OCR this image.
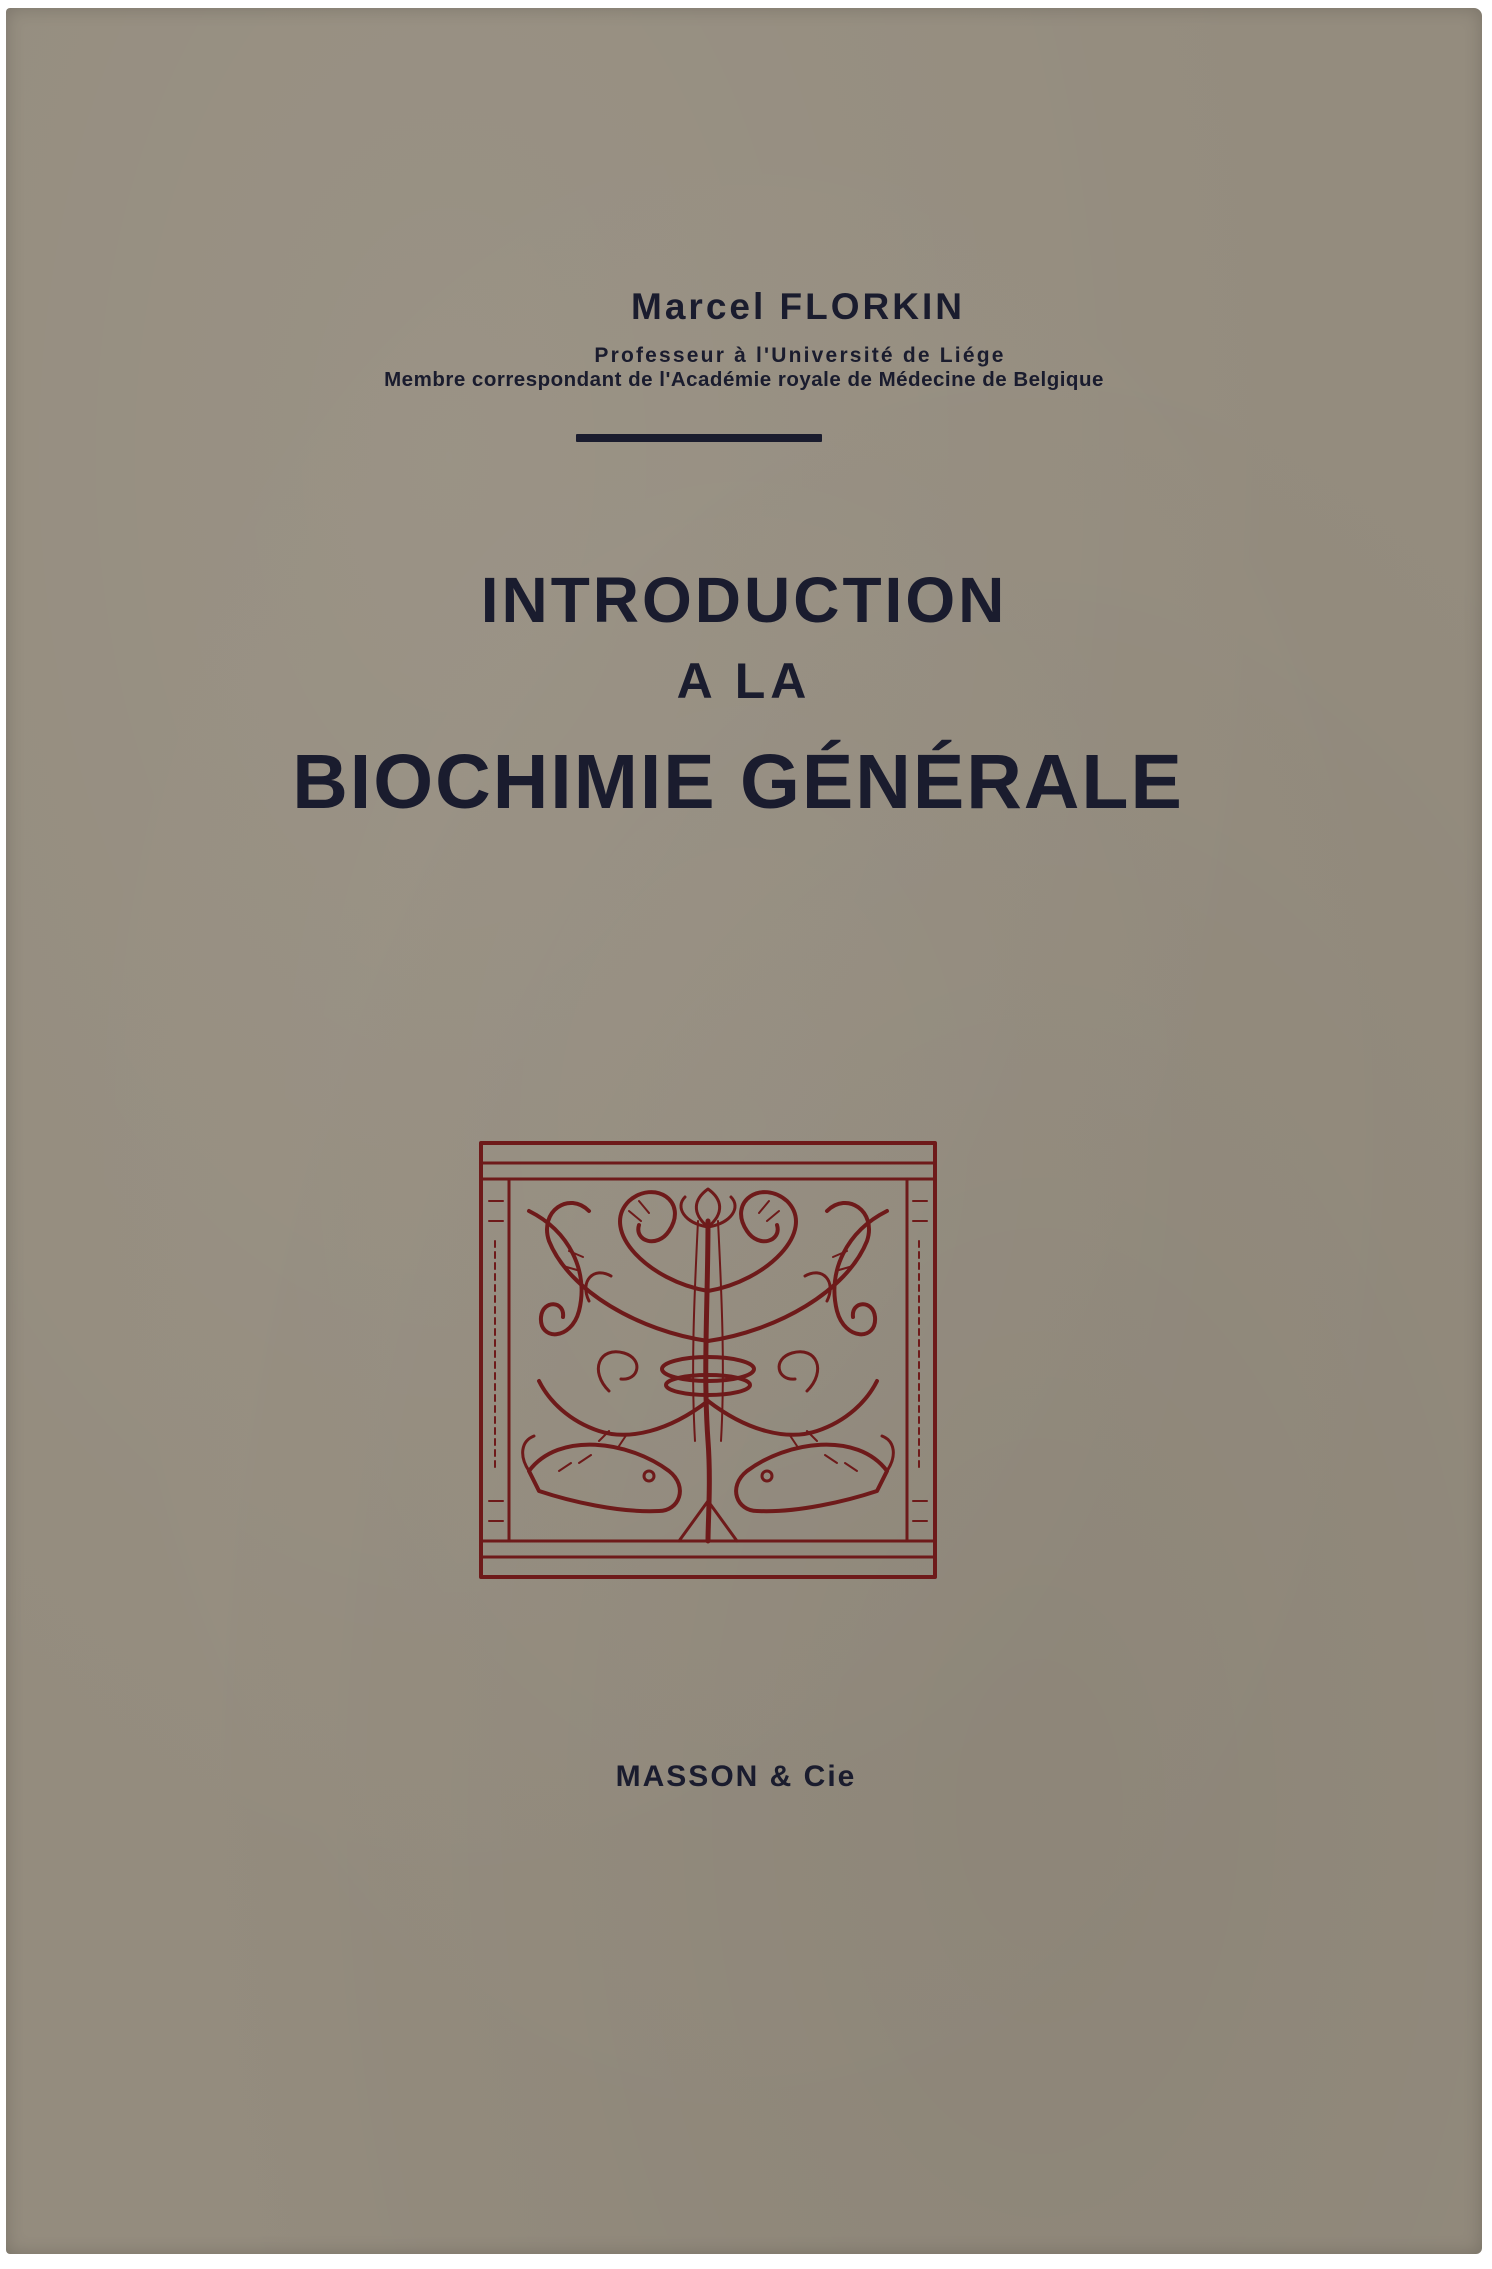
Marcel FLORKIN
Professeur à l'Université de Liége
Membre correspondant de l'Académie royale de Médecine de Belgique
INTRODUCTION
A LA
BIOCHIMIE GÉNÉRALE
MASSON & Cie
